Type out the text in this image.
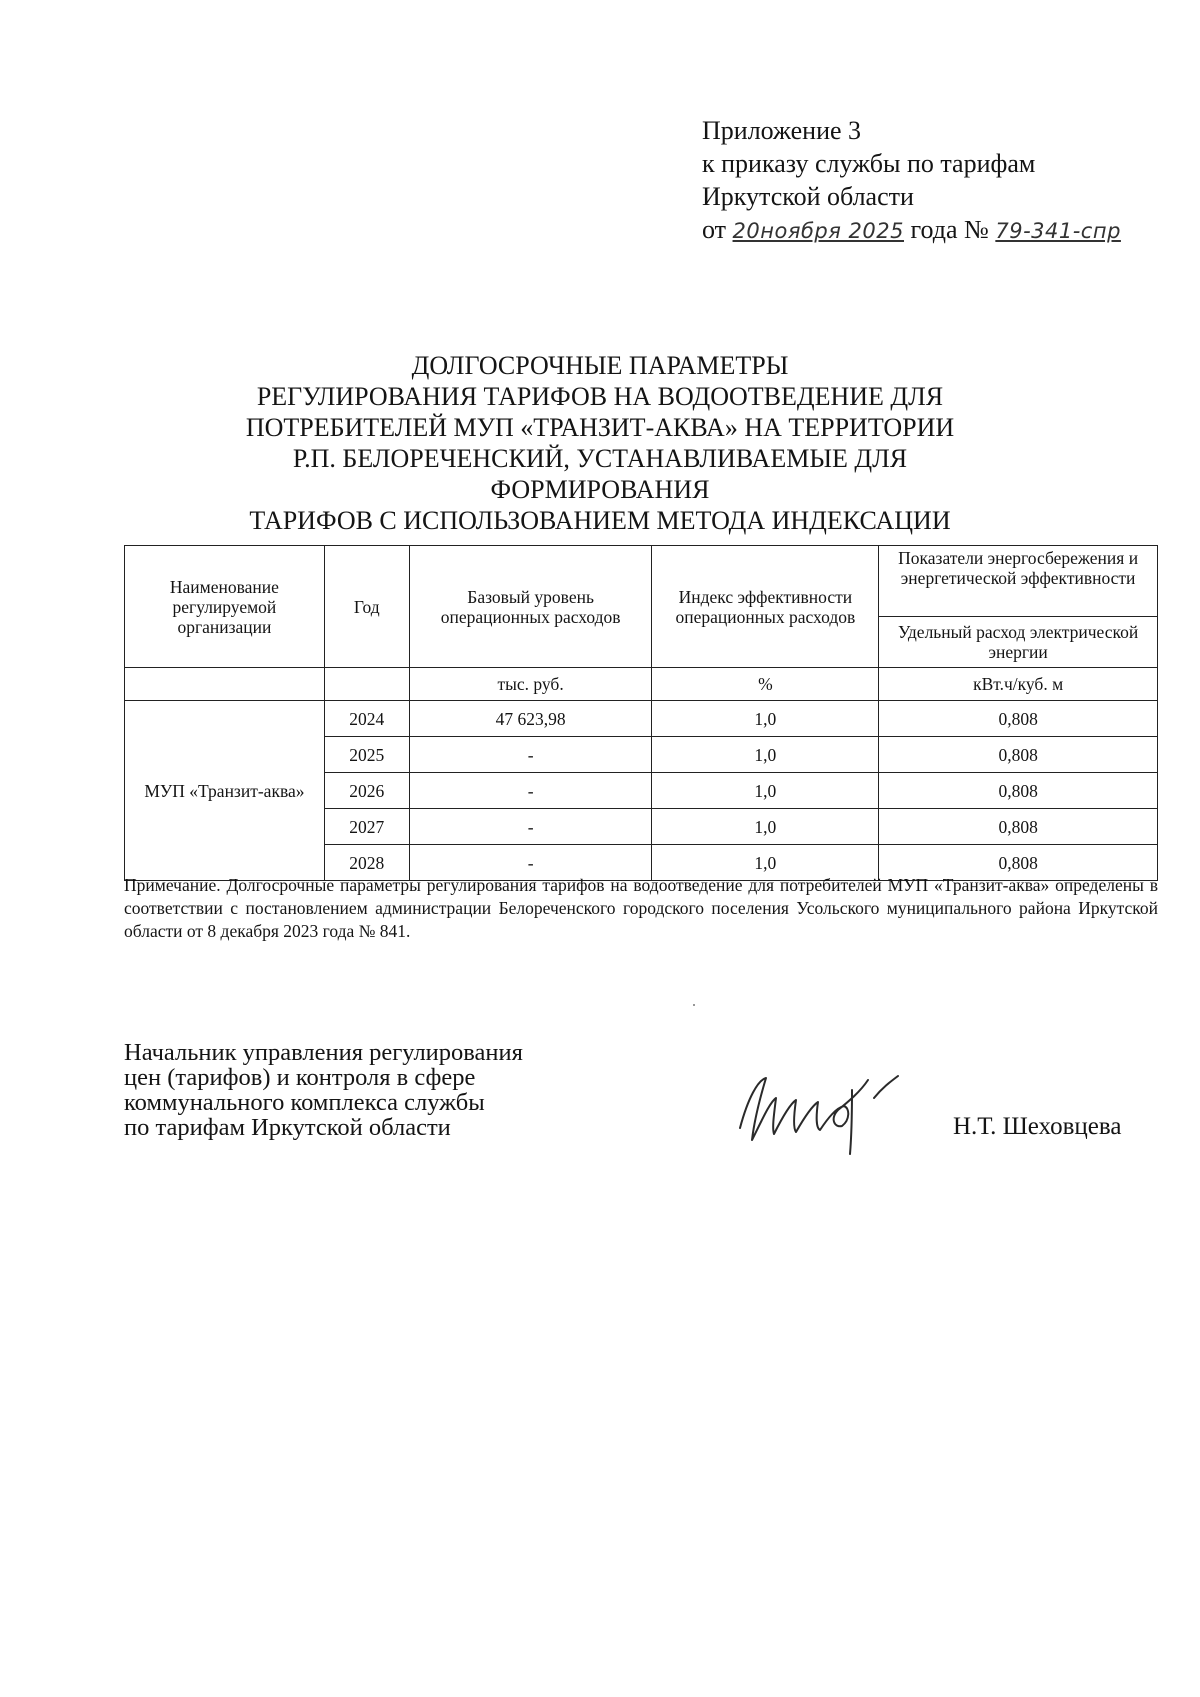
Приложение 3
к приказу службы по тарифам
Иркутской области
от 20ноября 2025 года № 79-341-спр
ДОЛГОСРОЧНЫЕ ПАРАМЕТРЫ
РЕГУЛИРОВАНИЯ ТАРИФОВ НА ВОДООТВЕДЕНИЕ ДЛЯ
ПОТРЕБИТЕЛЕЙ МУП «ТРАНЗИТ-АКВА» НА ТЕРРИТОРИИ
Р.П. БЕЛОРЕЧЕНСКИЙ, УСТАНАВЛИВАЕМЫЕ ДЛЯ ФОРМИРОВАНИЯ
ТАРИФОВ С ИСПОЛЬЗОВАНИЕМ МЕТОДА ИНДЕКСАЦИИ
Наименование регулируемой организации	Год	Базовый уровень операционных расходов	Индекс эффективности операционных расходов	Показатели энергосбережения и энергетической эффективности
				Удельный расход электрической энергии
		тыс. руб.	%	кВт.ч/куб. м
МУП «Транзит-аква»	2024	47 623,98	1,0	0,808
	2025	-	1,0	0,808
	2026	-	1,0	0,808
	2027	-	1,0	0,808
	2028	-	1,0	0,808
Примечание. Долгосрочные параметры регулирования тарифов на водоотведение для потребителей МУП «Транзит-аква» определены в соответствии с постановлением администрации Белореченского городского поселения Усольского муниципального района Иркутской области от 8 декабря 2023 года № 841.
Начальник управления регулирования
цен (тарифов) и контроля в сфере
коммунального комплекса службы
по тарифам Иркутской области	Н.Т. Шеховцева
